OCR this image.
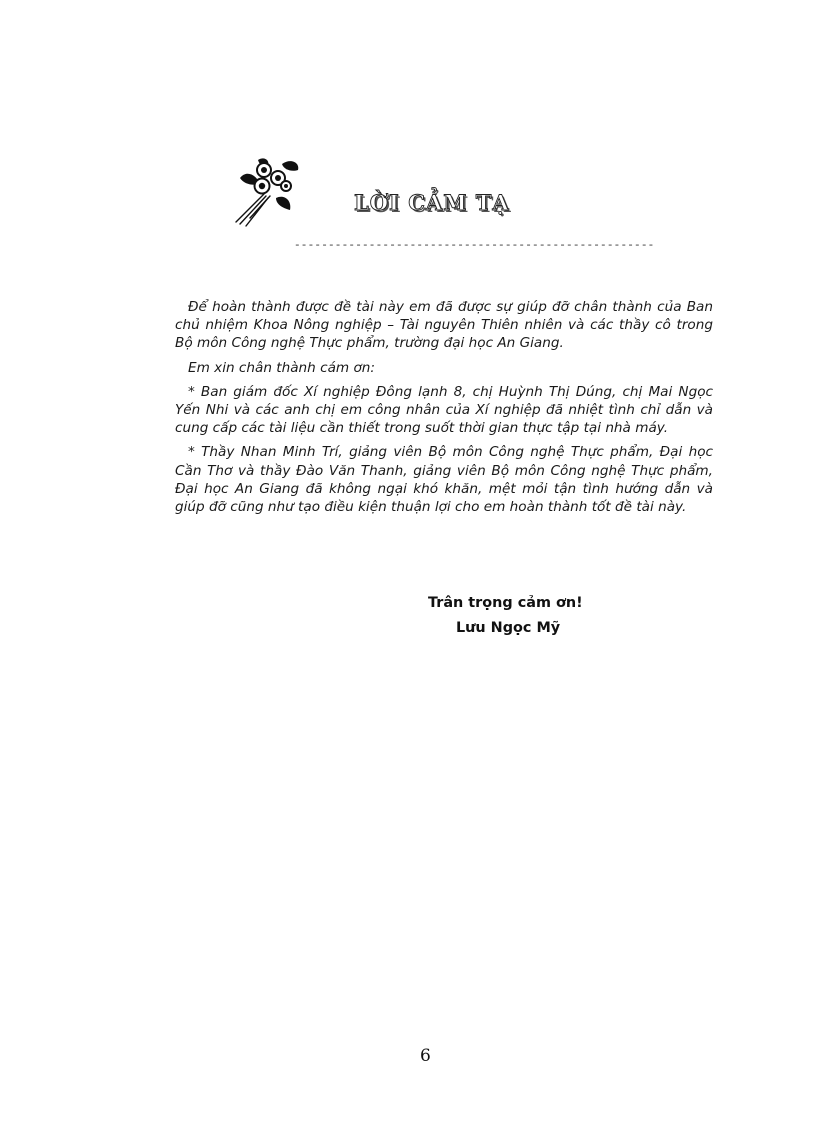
LỜI CẢM TẠ
-----------------------------------------------------

Để hoàn thành được đề tài này em đã được sự giúp đỡ chân thành của Ban chủ nhiệm Khoa Nông nghiệp – Tài nguyên Thiên nhiên và các thầy cô trong Bộ môn Công nghệ Thực phẩm, trường đại học An Giang.

Em xin chân thành cám ơn:

* Ban giám đốc Xí nghiệp Đông lạnh 8, chị Huỳnh Thị Dúng, chị Mai Ngọc Yến Nhi và các anh chị em công nhân của Xí nghiệp đã nhiệt tình chỉ dẫn và cung cấp các tài liệu cần thiết trong suốt thời gian thực tập tại nhà máy.

* Thầy Nhan Minh Trí, giảng viên Bộ môn Công nghệ Thực phẩm, Đại học Cần Thơ và thầy Đào Văn Thanh, giảng viên Bộ môn Công nghệ Thực phẩm, Đại học An Giang đã không ngại khó khăn, mệt mỏi tận tình hướng dẫn và giúp đỡ cũng như tạo điều kiện thuận lợi cho em hoàn thành tốt đề tài này.

Trân trọng cảm ơn!
Lưu Ngọc Mỹ
6
